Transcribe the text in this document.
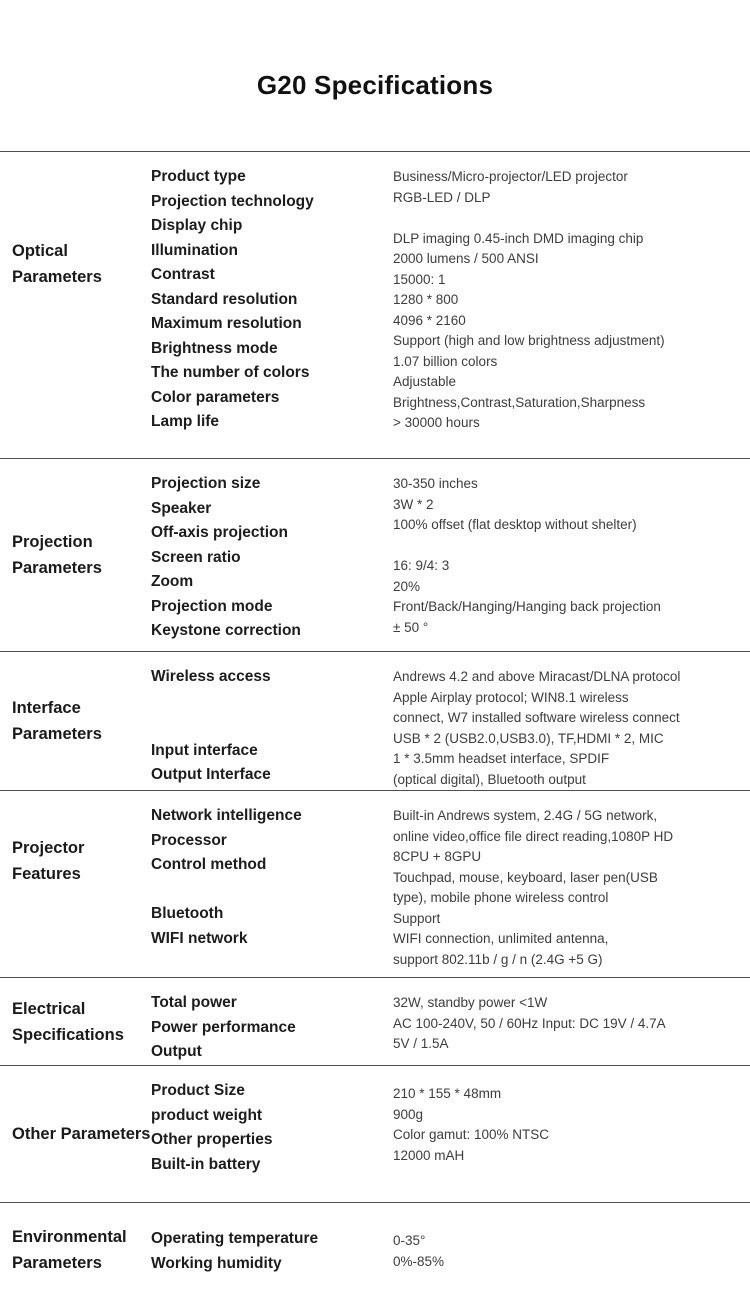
G20 Specifications
Optical Parameters
Product type
Projection technology
Display chip
Illumination
Contrast
Standard resolution
Maximum resolution
Brightness mode
The number of colors
Color parameters
Lamp life
Business/Micro-projector/LED projector
RGB-LED / DLP

DLP imaging 0.45-inch DMD imaging chip
2000 lumens / 500 ANSI
15000: 1
1280 * 800
4096 * 2160
Support (high and low brightness adjustment)
1.07 billion colors
Adjustable
Brightness,Contrast,Saturation,Sharpness
> 30000 hours
Projection Parameters
Projection size
Speaker
Off-axis projection
Screen ratio
Zoom
Projection mode
Keystone correction
30-350 inches
3W * 2
100% offset (flat desktop without shelter)

16: 9/4: 3
20%
Front/Back/Hanging/Hanging back projection
± 50 °
Interface Parameters
Wireless access

Input interface
Output Interface
Andrews 4.2 and above Miracast/DLNA protocol
Apple Airplay protocol; WIN8.1 wireless
connect, W7 installed software wireless connect
USB * 2 (USB2.0,USB3.0), TF,HDMI * 2, MIC
1 * 3.5mm headset interface, SPDIF
(optical digital), Bluetooth output
Projector Features
Network intelligence
Processor
Control method

Bluetooth
WIFI network
Built-in Andrews system, 2.4G / 5G network,
online video,office file direct reading,1080P HD
8CPU + 8GPU
Touchpad, mouse, keyboard, laser pen(USB
type), mobile phone wireless control
Support
WIFI connection, unlimited antenna,
support 802.11b / g / n (2.4G +5 G)
Electrical Specifications
Total power
Power performance
Output
32W, standby power <1W
AC 100-240V, 50 / 60Hz Input: DC 19V / 4.7A
5V / 1.5A
Other Parameters
Product Size
product weight
Other properties
Built-in battery
210 * 155 * 48mm
900g
Color gamut: 100% NTSC
12000 mAH
Environmental Parameters
Operating temperature
Working humidity
0-35°
0%-85%
